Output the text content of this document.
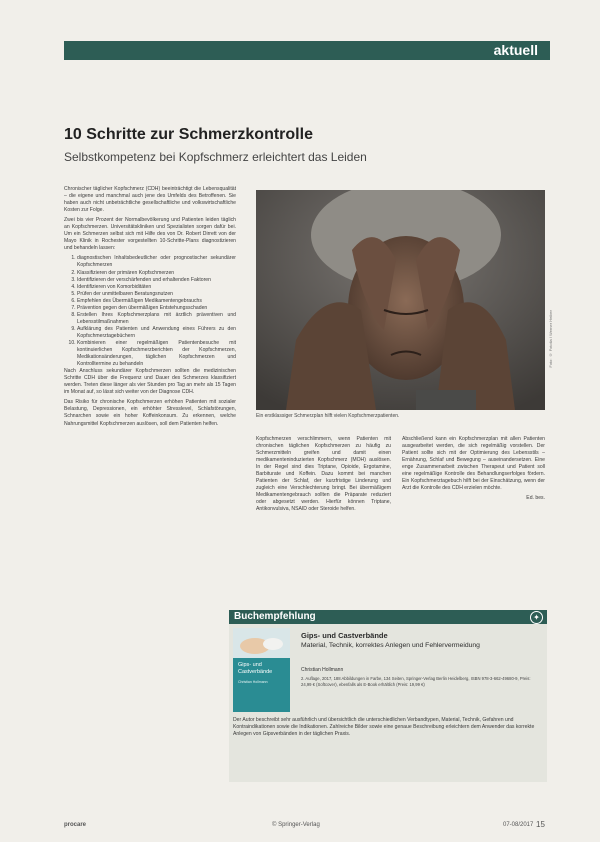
aktuell
10 Schritte zur Schmerzkontrolle
Selbstkompetenz bei Kopfschmerz erleichtert das Leiden

Chronischer täglicher Kopfschmerz (CDH) beeinträchtigt die Lebensqualität – die eigene und manchmal auch jene des Umfelds des Betroffenen. Sie haben auch nicht unbeträchtliche gesellschaftliche und volkswirtschaftliche Kosten zur Folge.

Zwei bis vier Prozent der Normalbevölkerung und Patienten leiden täglich an Kopfschmerzen. Universitätskliniken und Spezialisten sorgen dafür bei. Um ein Schmerzen selbst sich mit Hilfe des von Dr. Robert Dirrett von der Mayo Klinik in Rochester vorgestellten 10-Schritte-Plans diagnostizieren und behandeln lassen:

1. diagnostischen Inhaltsbedeutlicher oder prognostischer sekundärer Kopfschmerzen
2. Klassifizieren der primären Kopfschmerzen
3. Identifizieren der verschärfenden und erhaltenden Faktoren
4. Identifizieren von Komorbiditäten
5. Prüfen der unmittelbaren Beratungsnutzen
6. Empfehlen des Übermäßigen Medikamentengebrauchs
7. Prävention gegen den übermäßigen Entstehungsschaden
8. Erstellen Ihres Kopfschmerzplans mit ärztlich präventiven und Lebensstilmaßnahmen
9. Aufklärung des Patienten und Anwendung eines Führers zu den Kopfschmerztagebüchern
10. Kombinieren einer regelmäßigen Patientenbesuche mit kontinuierlichen Kopfschmerzberichten der Kopfschmerzen, Medikationsänderungen, täglichen Kopfschmerzen und Kontrolltermine zu behandeln

Nach Anschluss sekundärer Kopfschmerzen sollten die medizinischen Schritte CDH über die Frequenz und Dauer des Schmerzes klassifiziert werden. Treten diese länger als vier Stunden pro Tag an mehr als 15 Tagen im Monat auf, so lässt sich weiter von der Diagnose CDH.

Das Risiko für chronische Kopfschmerzen erhöhen Patienten mit sozialer Belastung, Depressionen, ein erhöhter Stresslevel, Schlafstörungen, Schnarchen sowie ein hoher Koffeinkonsum. Zu erkennen, welche Nahrungsmittel Kopfschmerzen auslösen, soll dem Patienten helfen.

Foto: © Fotolia / Werner Heiber
Ein erstklassiger Schmerzplan hilft vielen Kopfschmerzpatienten.

Kopfschmerzen verschlimmern, wenn Patienten mit chronischen täglichen Kopfschmerzen zu häufig zu Schmerzmitteln greifen und damit einen medikamenteninduzierten Kopfschmerz (MOH) auslösen. In der Regel sind dies Triptane, Opioide, Ergotamine, Barbiturate und Koffein. Dazu kommt bei manchen Patienten der Schlaf, der kurzfristige Linderung und zugleich eine Verschlechterung bringt. Bei übermäßigem Medikamentengebrauch sollten die Präparate reduziert oder abgesetzt werden. Hierfür können Triptane, Antikonvulsiva, NSAID oder Steroide helfen.

Abschließend kann ein Kopfschmerzplan mit allen Patienten ausgearbeitet werden, die sich regelmäßig vorstellen. Der Patient sollte sich mit der Optimierung des Lebensstils – Ernährung, Schlaf und Bewegung – auseinandersetzen. Eine enge Zusammenarbeit zwischen Therapeut und Patient soll eine regelmäßige Kontrolle des Behandlungserfolges fördern. Ein Kopfschmerztagebuch hilft bei der Einschätzung, wenn der Arzt die Kontrolle des CDH erzielen möchte.

Ed. bes.

Buchempfehlung	✦
Gips- und Castverbände
Christian Hollmann
Gips- und Castverbände
Material, Technik, korrektes Anlegen und Fehlervermeidung
Christian Hollmann
2. Auflage, 2017, 188 Abbildungen in Farbe, 134 Seiten, Springer-Verlag Berlin Heidelberg, ISBN 978-3-662-49680-9, Preis: 24,99 € (Softcover), ebenfalls als E-Book erhältlich (Preis: 19,99 €)
Der Autor beschreibt sehr ausführlich und übersichtlich die unterschiedlichen Verbandtypen, Material, Technik, Gefahren und Kontraindikationen sowie die Indikationen. Zahlreiche Bilder sowie eine genaue Beschreibung erleichtern dem Anwender das korrekte Anlegen von Gipsverbänden in der täglichen Praxis.
procare	© Springer-Verlag	07-08/2017 15
